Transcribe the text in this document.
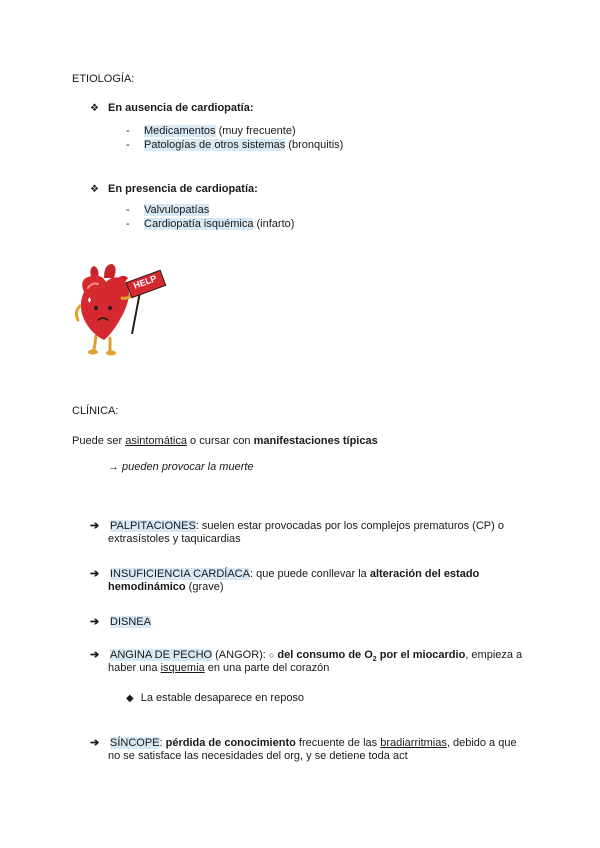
ETIOLOGÍA:
❖ En ausencia de cardiopatía:
- Medicamentos (muy frecuente)
- Patologías de otros sistemas (bronquitis)
❖ En presencia de cardiopatía:
- Valvulopatías
- Cardiopatía isquémica (infarto)
HELP
CLÍNICA:
Puede ser asintomática o cursar con manifestaciones típicas
→ pueden provocar la muerte
➔ PALPITACIONES: suelen estar provocadas por los complejos prematuros (CP) o
extrasístoles y taquicardias
➔ INSUFICIENCIA CARDÍACA: que puede conllevar la alteración del estado
hemodinámico (grave)
➔ DISNEA
➔ ANGINA DE PECHO (ANGOR): ○ del consumo de $O_2$ por el miocardio, empieza a
haber una isquemia en una parte del corazón
◆ La estable desaparece en reposo
➔ SÍNCOPE: pérdida de conocimiento frecuente de las bradiarritmias, debido a que
no se satisface las necesidades del org, y se detiene toda act
